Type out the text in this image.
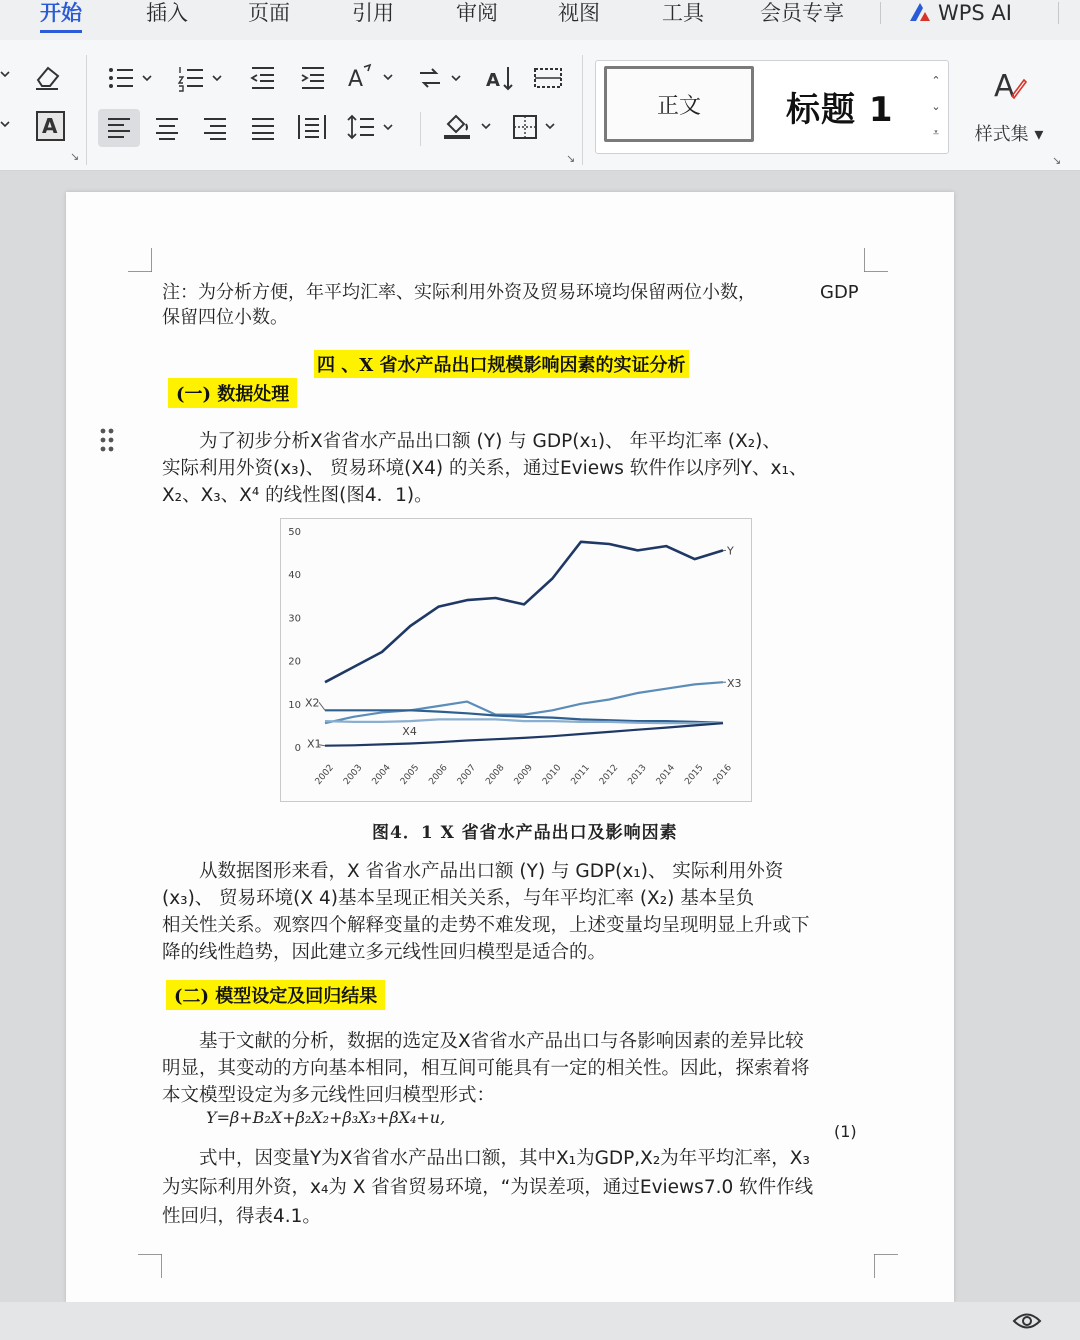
开始	插入	页面	引用	审阅	视图	工具	会员专享	WPS AI
A
↘
A	A
↘
正文	标题 1
⌃
⌄
⩡
A
样式集 ▾
↘
注：为分析方便，年平均汇率、实际利用外资及贸易环境均保留两位小数，	GDP

保留四位小数。
四 、X 省水产品出口规模影响因素的实证分析
(一) 数据处理
　　为了初步分析X省省水产品出口额 (Y) 与 GDP(x₁)、 年平均汇率 (X₂)、
实际利用外资(x₃)、 贸易环境(X4) 的关系，通过Eviews 软件作以序列Y、x₁、
X₂、X₃、X⁴ 的线性图(图4．1)。
0
10
20
30
40
50
2002 2003 2004 2005 2006 2007 2008 2009 2010 2011 2012 2013 2014 2015 2016
Y
X3
X2
X1
X4
图4．1 X 省省水产品出口及影响因素
　　从数据图形来看，X 省省水产品出口额 (Y) 与 GDP(x₁)、 实际利用外资
(x₃)、 贸易环境(X 4)基本呈现正相关关系，与年平均汇率 (X₂) 基本呈负
相关性关系。观察四个解释变量的走势不难发现，上述变量均呈现明显上升或下
降的线性趋势，因此建立多元线性回归模型是适合的。
(二) 模型设定及回归结果
　　基于文献的分析，数据的选定及X省省水产品出口与各影响因素的差异比较
明显，其变动的方向基本相同，相互间可能具有一定的相关性。因此，探索着将
本文模型设定为多元线性回归模型形式：
Y=β+B₂X+β₂X₂+β₃X₃+βX₄+u,
(1)
　　式中，因变量Y为X省省水产品出口额，其中X₁为GDP,X₂为年平均汇率，X₃
为实际利用外资，x₄为 X 省省贸易环境，“为误差项，通过Eviews7.0 软件作线
性回归，得表4.1。
